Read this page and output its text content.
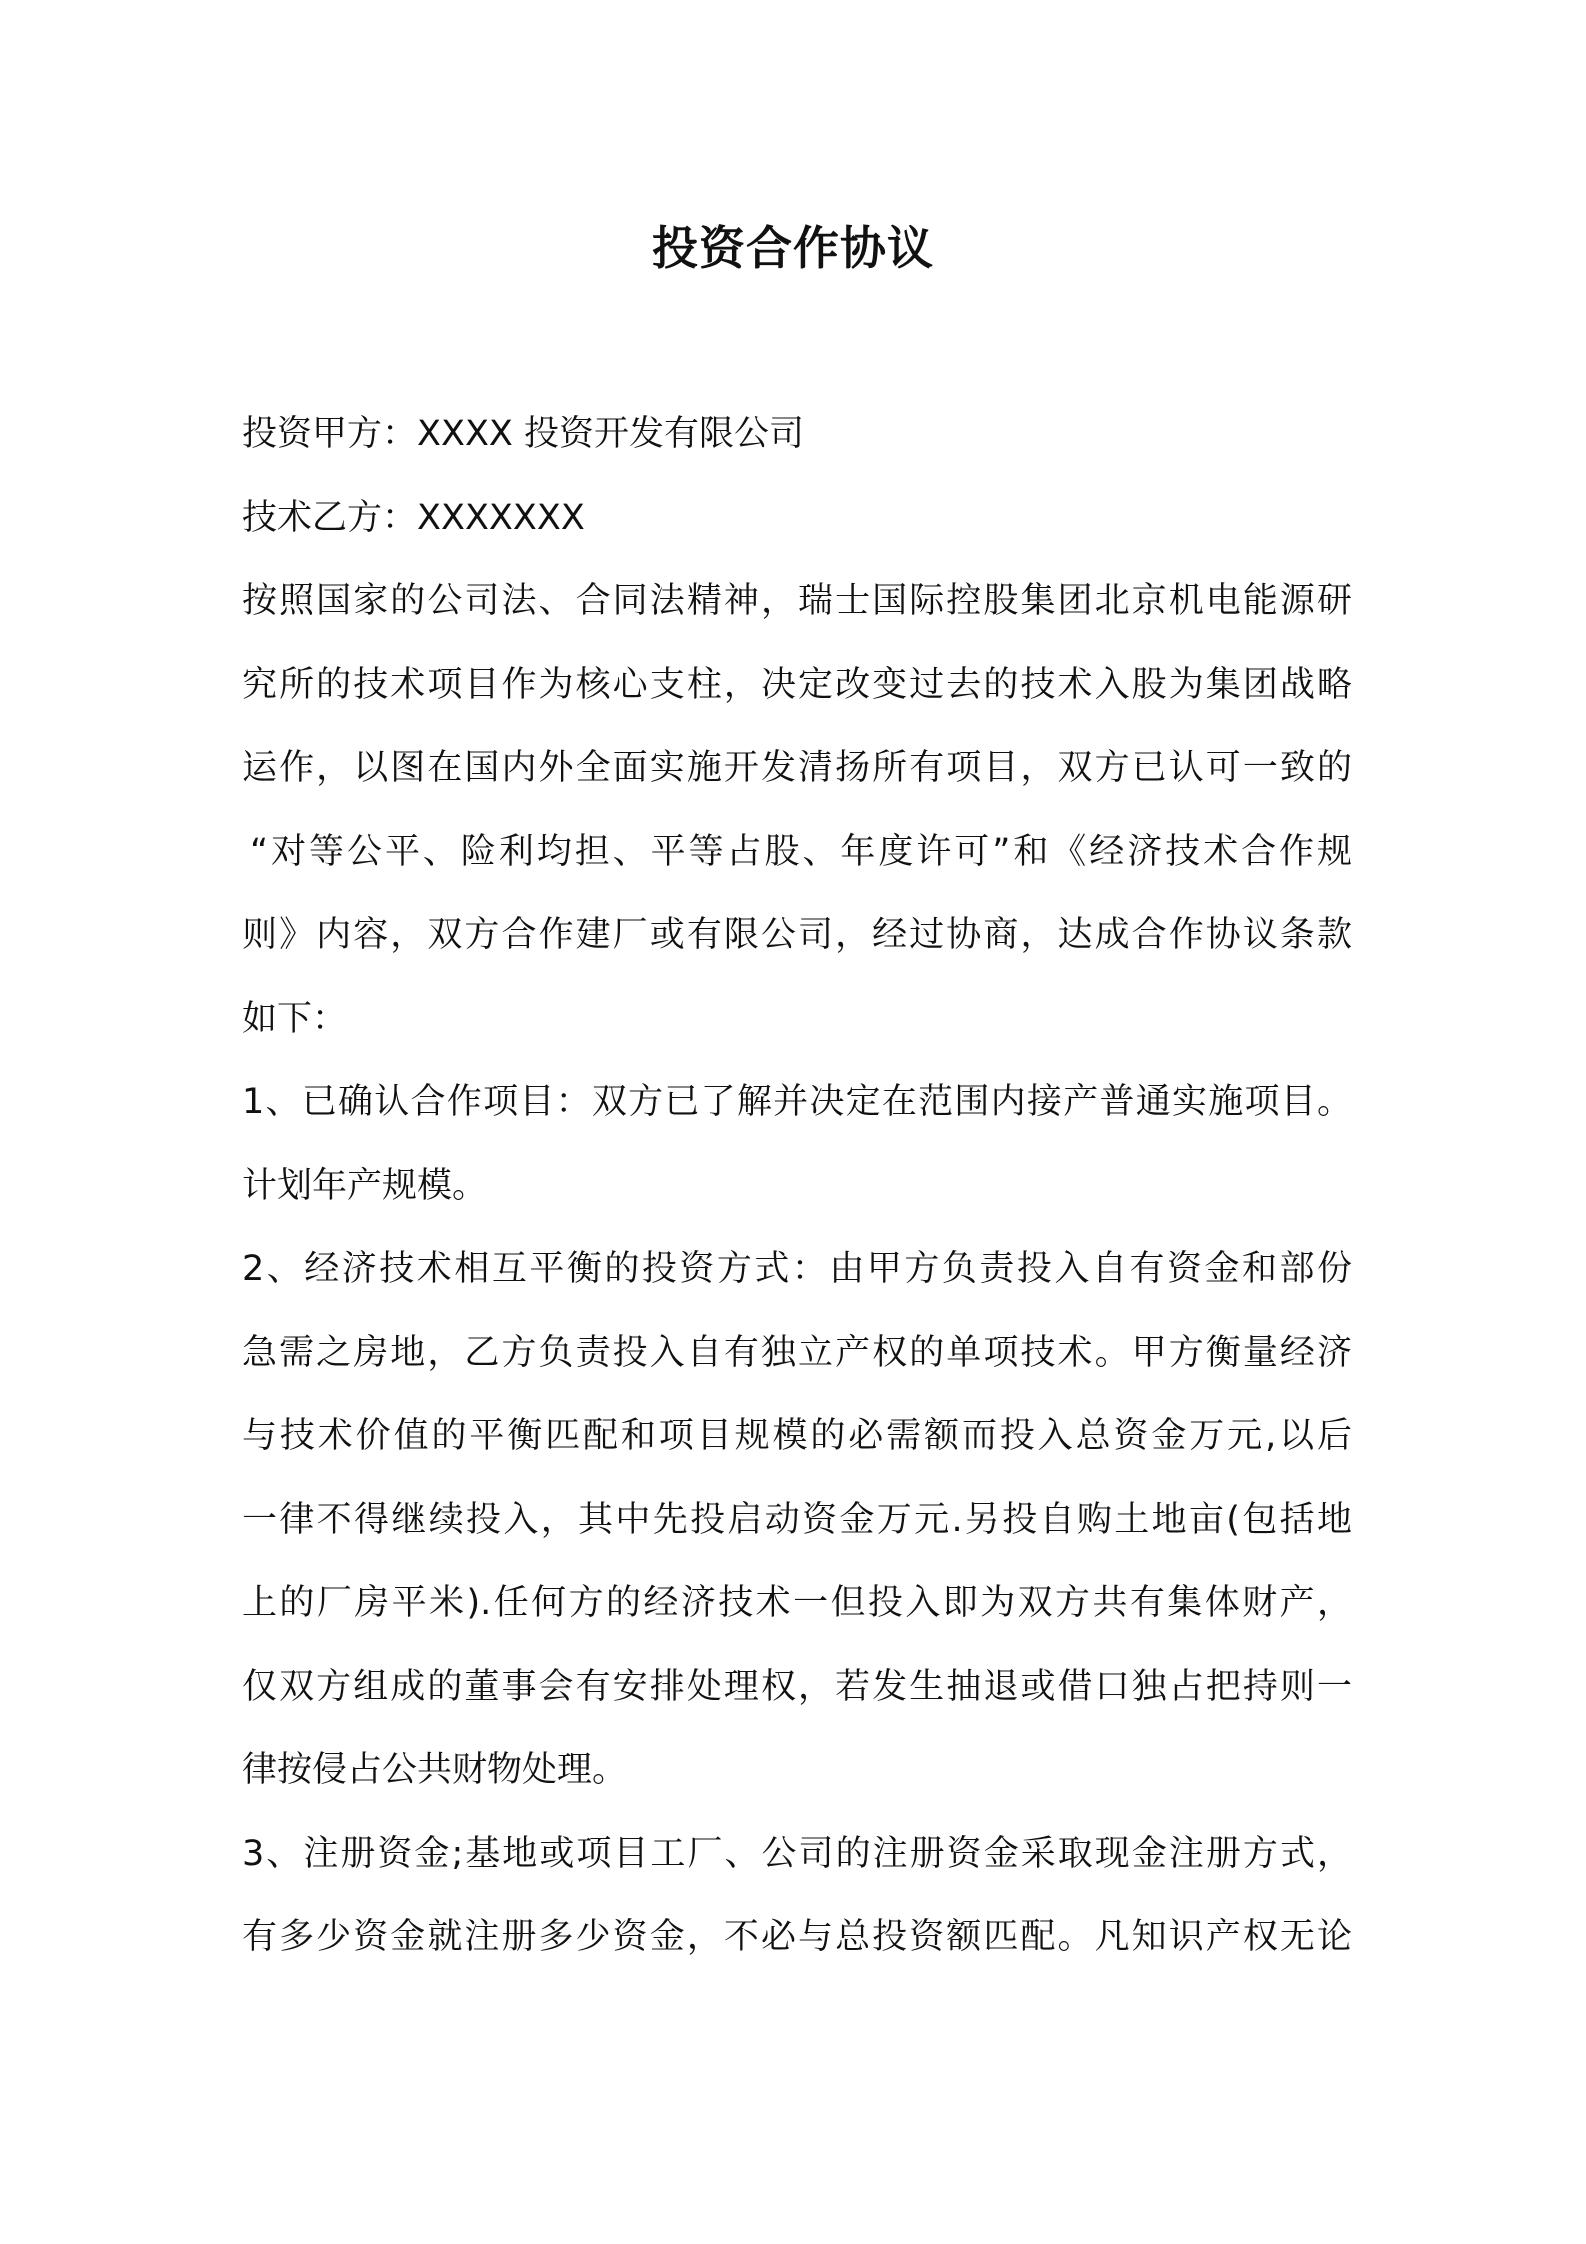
投资合作协议
投资甲方：XXXX 投资开发有限公司
技术乙方：XXXXXXX
按照国家的公司法、合同法精神，瑞士国际控股集团北京机电能源研
究所的技术项目作为核心支柱，决定改变过去的技术入股为集团战略
运作，以图在国内外全面实施开发清扬所有项目，双方已认可一致的
“对等公平、险利均担、平等占股、年度许可”和《经济技术合作规
则》内容，双方合作建厂或有限公司，经过协商，达成合作协议条款
如下：
1、已确认合作项目：双方已了解并决定在范围内接产普通实施项目。
计划年产规模。
2、经济技术相互平衡的投资方式：由甲方负责投入自有资金和部份
急需之房地，乙方负责投入自有独立产权的单项技术。甲方衡量经济
与技术价值的平衡匹配和项目规模的必需额而投入总资金万元,以后
一律不得继续投入，其中先投启动资金万元.另投自购土地亩(包括地
上的厂房平米).任何方的经济技术一但投入即为双方共有集体财产，
仅双方组成的董事会有安排处理权，若发生抽退或借口独占把持则一
律按侵占公共财物处理。
3、注册资金;基地或项目工厂、公司的注册资金采取现金注册方式，
有多少资金就注册多少资金，不必与总投资额匹配。凡知识产权无论
